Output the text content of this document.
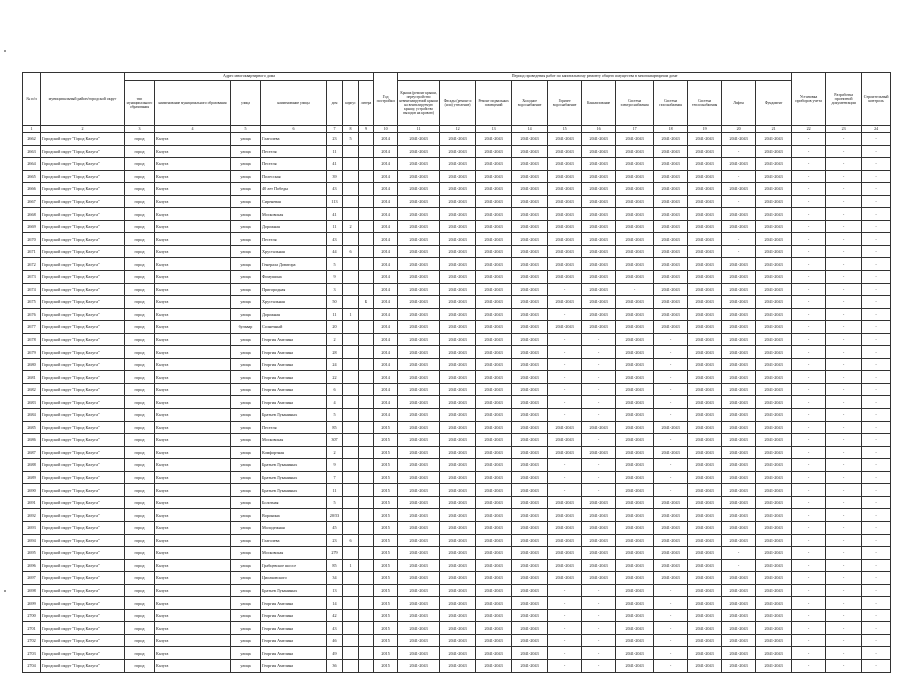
№ п/п	муниципальный район/городской округ	Адрес многоквартирного дома							Год постройки	Период проведения работ по капитальному ремонту общего имущества в многоквартирном доме											Установка приборов учета	Разработка проектной документации	Строительный контроль
		тип муниципального образования	наименование муниципального образования	улица	наименование улицы	дом	корпус	литера		Крыша (ремонт крыши, переустройство невентилируемой крыши на вентилируемую крышу, устройство выходов на кровлю)	Фасады (ремонт и (или) утепление)	Ремонт подвальных помещений	Холодное водоснабжение	Горячее водоснабжение	Канализование	Система электроснабжения	Система газоснабжения	Система теплоснабжения	Лифты	Фундамент			
1	2	3	4	5	6	7	8	9	10	11	12	13	14	15	16	17	18	19	20	21	22	23	24
2662	Городской округ "Город Калуга"	город	Калуга	улица	Глаголева	23	5		2014	2041-2043	2041-2043	2041-2043	2041-2043	2041-2043	2041-2043	2041-2043	2041-2043	2041-2043	2041-2043	2041-2043	-	-	-
2663	Городской округ "Город Калуга"	город	Калуга	улица	Пестеля	11			2014	2041-2043	2041-2043	2041-2043	2041-2043	2041-2043	2041-2043	2041-2043	2041-2043	2041-2043	-	2041-2043	-	-	-
2664	Городской округ "Город Калуга"	город	Калуга	улица	Пестеля	41			2014	2041-2043	2041-2043	2041-2043	2041-2043	2041-2043	2041-2043	2041-2043	2041-2043	2041-2043	2041-2043	2041-2043	-	-	-
2665	Городской округ "Город Калуга"	город	Калуга	улица	Полесская	39			2014	2041-2043	2041-2043	2041-2043	2041-2043	2041-2043	2041-2043	2041-2043	2041-2043	2041-2043	-	2041-2043	-	-	-
2666	Городской округ "Город Калуга"	город	Калуга	улица	40 лет Победы	43			2014	2041-2043	2041-2043	2041-2043	2041-2043	2041-2043	2041-2043	2041-2043	2041-2043	2041-2043	2041-2043	2041-2043	-	-	-
2667	Городской округ "Город Калуга"	город	Калуга	улица	Сиреневая	113			2014	2041-2043	2041-2043	2041-2043	2041-2043	2041-2043	2041-2043	2041-2043	2041-2043	2041-2043	-	2041-2043	-	-	-
2668	Городской округ "Город Калуга"	город	Калуга	улица	Московская	41			2014	2041-2043	2041-2043	2041-2043	2041-2043	2041-2043	2041-2043	2041-2043	2041-2043	2041-2043	2041-2043	2041-2043	-	-	-
2669	Городской округ "Город Калуга"	город	Калуга	улица	Дорожная	11	2		2014	2041-2043	2041-2043	2041-2043	2041-2043	2041-2043	2041-2043	2041-2043	2041-2043	2041-2043	2041-2043	2041-2043	-	-	-
2670	Городской округ "Город Калуга"	город	Калуга	улица	Пестеля	43			2014	2041-2043	2041-2043	2041-2043	2041-2043	2041-2043	2041-2043	2041-2043	2041-2043	2041-2043	-	2041-2043	-	-	-
2671	Городской округ "Город Калуга"	город	Калуга	улица	Хрустальная	44	6		2014	2041-2043	2041-2043	2041-2043	2041-2043	2041-2043	2041-2043	2041-2043	2041-2043	2041-2043	-	2041-2043	-	-	-
2672	Городской округ "Город Калуга"	город	Калуга	улица	Генерала Доватора	5			2014	2041-2043	2041-2043	2041-2043	2041-2043	2041-2043	2041-2043	2041-2043	2041-2043	2041-2043	2041-2043	2041-2043	-	-	-
2673	Городской округ "Город Калуга"	город	Калуга	улица	Фомушина	9			2014	2041-2043	2041-2043	2041-2043	2041-2043	2041-2043	2041-2043	2041-2043	2041-2043	2041-2043	2041-2043	2041-2043	-	-	-
2674	Городской округ "Город Калуга"	город	Калуга	улица	Пригородная	3			2014	2041-2043	2041-2043	2041-2043	2041-2043	-	2041-2043	-	2041-2043	2041-2043	2041-2043	2041-2043	-	-	-
2675	Городской округ "Город Калуга"	город	Калуга	улица	Хрустальная	50		Б	2014	2041-2043	2041-2043	2041-2043	2041-2043	2041-2043	2041-2043	2041-2043	2041-2043	2041-2043	2041-2043	2041-2043	-	-	-
2676	Городской округ "Город Калуга"	город	Калуга	улица	Дорожная	11	1		2014	2041-2043	2041-2043	2041-2043	2041-2043	-	2041-2043	2041-2043	2041-2043	2041-2043	2041-2043	2041-2043	-	-	-
2677	Городской округ "Город Калуга"	город	Калуга	бульвар	Солнечный	20			2014	2041-2043	2041-2043	2041-2043	2041-2043	2041-2043	2041-2043	2041-2043	2041-2043	2041-2043	2041-2043	2041-2043	-	-	-
2678	Городской округ "Город Калуга"	город	Калуга	улица	Георгия Амелина	2			2014	2041-2043	2041-2043	2041-2043	2041-2043	-	-	2041-2043	-	2041-2043	2041-2043	2041-2043	-	-	-
2679	Городской округ "Город Калуга"	город	Калуга	улица	Георгия Амелина	28			2014	2041-2043	2041-2043	2041-2043	2041-2043	-	-	2041-2043	-	2041-2043	2041-2043	2041-2043	-	-	-
2680	Городской округ "Город Калуга"	город	Калуга	улица	Георгия Амелина	24			2014	2041-2043	2041-2043	2041-2043	2041-2043	-	-	2041-2043	-	2041-2043	2041-2043	2041-2043	-	-	-
2681	Городской округ "Город Калуга"	город	Калуга	улица	Георгия Амелина	22			2014	2041-2043	2041-2043	2041-2043	2041-2043	-	-	2041-2043	-	2041-2043	2041-2043	2041-2043	-	-	-
2682	Городской округ "Город Калуга"	город	Калуга	улица	Георгия Амелина	6			2014	2041-2043	2041-2043	2041-2043	2041-2043	-	-	2041-2043	-	2041-2043	2041-2043	2041-2043	-	-	-
2683	Городской округ "Город Калуга"	город	Калуга	улица	Георгия Амелина	4			2014	2041-2043	2041-2043	2041-2043	2041-2043	-	-	2041-2043	-	2041-2043	2041-2043	2041-2043	-	-	-
2684	Городской округ "Город Калуга"	город	Калуга	улица	Братьев Луканиных	5			2014	2041-2043	2041-2043	2041-2043	2041-2043	-	-	2041-2043	-	2041-2043	2041-2043	2041-2043	-	-	-
2685	Городской округ "Город Калуга"	город	Калуга	улица	Пестеля	85			2015	2041-2043	2041-2043	2041-2043	2041-2043	2041-2043	2041-2043	2041-2043	2041-2043	2041-2043	2041-2043	2041-2043	-	-	-
2686	Городской округ "Город Калуга"	город	Калуга	улица	Московская	307			2015	2041-2043	2041-2043	2041-2043	2041-2043	2041-2043	-	2041-2043	-	2041-2043	2041-2043	2041-2043	-	-	-
2687	Городской округ "Город Калуга"	город	Калуга	улица	Комфортная	2			2015	2041-2043	2041-2043	2041-2043	2041-2043	2041-2043	2041-2043	2041-2043	2041-2043	2041-2043	2041-2043	2041-2043	-	-	-
2688	Городской округ "Город Калуга"	город	Калуга	улица	Братьев Луканиных	9			2015	2041-2043	2041-2043	2041-2043	2041-2043	-	-	2041-2043	-	2041-2043	2041-2043	2041-2043	-	-	-
2689	Городской округ "Город Калуга"	город	Калуга	улица	Братьев Луканиных	7			2015	2041-2043	2041-2043	2041-2043	2041-2043	-	-	2041-2043	-	2041-2043	2041-2043	2041-2043	-	-	-
2690	Городской округ "Город Калуга"	город	Калуга	улица	Братьев Луканиных	11			2015	2041-2043	2041-2043	2041-2043	2041-2043	-	-	2041-2043	-	2041-2043	2041-2043	2041-2043	-	-	-
2691	Городской округ "Город Калуга"	город	Калуга	улица	Болотная	5			2015	2041-2043	2041-2043	2041-2043	2041-2043	2041-2043	2041-2043	2041-2043	2041-2043	2041-2043	2041-2043	2041-2043	-	-	-
2692	Городской округ "Город Калуга"	город	Калуга	улица	Воронина	20/53			2015	2041-2043	2041-2043	2041-2043	2041-2043	2041-2043	2041-2043	2041-2043	2041-2043	2041-2043	2041-2043	2041-2043	-	-	-
2693	Городской округ "Город Калуга"	город	Калуга	улица	Молодежная	45			2015	2041-2043	2041-2043	2041-2043	2041-2043	2041-2043	2041-2043	2041-2043	2041-2043	2041-2043	2041-2043	2041-2043	-	-	-
2694	Городской округ "Город Калуга"	город	Калуга	улица	Глаголева	23	6		2015	2041-2043	2041-2043	2041-2043	2041-2043	2041-2043	2041-2043	2041-2043	2041-2043	2041-2043	2041-2043	2041-2043	-	-	-
2695	Городской округ "Город Калуга"	город	Калуга	улица	Московская	279			2015	2041-2043	2041-2043	2041-2043	2041-2043	2041-2043	2041-2043	2041-2043	2041-2043	2041-2043	-	2041-2043	-	-	-
2696	Городской округ "Город Калуга"	город	Калуга	улица	Грабцевское шоссе	85	1		2015	2041-2043	2041-2043	2041-2043	2041-2043	2041-2043	2041-2043	2041-2043	2041-2043	2041-2043	-	2041-2043	-	-	-
2697	Городской округ "Город Калуга"	город	Калуга	улица	Циолковского	34			2015	2041-2043	2041-2043	2041-2043	2041-2043	2041-2043	2041-2043	2041-2043	2041-2043	2041-2043	2041-2043	2041-2043	-	-	-
2698	Городской округ "Город Калуга"	город	Калуга	улица	Братьев Луканиных	13			2015	2041-2043	2041-2043	2041-2043	2041-2043	-	-	2041-2043	-	2041-2043	2041-2043	2041-2043	-	-	-
2699	Городской округ "Город Калуга"	город	Калуга	улица	Георгия Амелина	14			2015	2041-2043	2041-2043	2041-2043	2041-2043	-	-	2041-2043	-	2041-2043	2041-2043	2041-2043	-	-	-
2700	Городской округ "Город Калуга"	город	Калуга	улица	Георгия Амелина	42			2015	2041-2043	2041-2043	2041-2043	2041-2043	-	-	2041-2043	-	2041-2043	2041-2043	2041-2043	-	-	-
2701	Городской округ "Город Калуга"	город	Калуга	улица	Георгия Амелина	43			2015	2041-2043	2041-2043	2041-2043	2041-2043	-	-	2041-2043	-	2041-2043	2041-2043	2041-2043	-	-	-
2702	Городской округ "Город Калуга"	город	Калуга	улица	Георгия Амелина	46			2015	2041-2043	2041-2043	2041-2043	2041-2043	-	-	2041-2043	-	2041-2043	2041-2043	2041-2043	-	-	-
2703	Городской округ "Город Калуга"	город	Калуга	улица	Георгия Амелина	49			2015	2041-2043	2041-2043	2041-2043	2041-2043	-	-	2041-2043	-	2041-2043	2041-2043	2041-2043	-	-	-
2704	Городской округ "Город Калуга"	город	Калуга	улица	Георгия Амелина	36			2015	2041-2043	2041-2043	2041-2043	2041-2043	-	-	2041-2043	-	2041-2043	2041-2043	2041-2043	-	-	-
